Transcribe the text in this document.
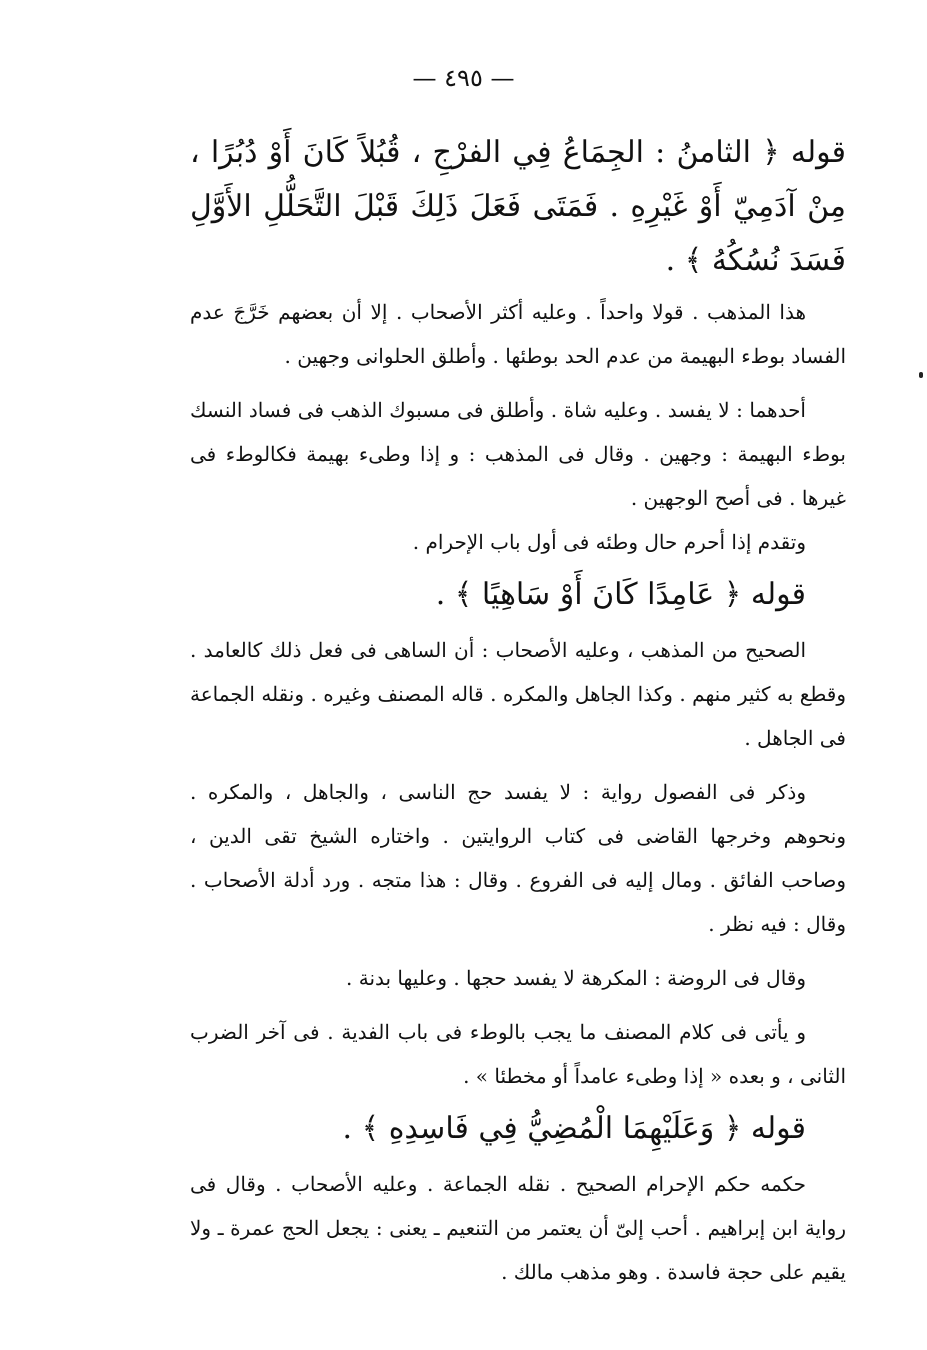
— ٤٩٥ —

قوله ﴿ الثامنُ : الجِمَاعُ فِي الفرْجِ ، قُبُلاً كَانَ أَوْ دُبُرًا ، مِنْ آدَمِيّ أَوْ غَيْرِهِ . فَمَتَى فَعَلَ ذَلِكَ قَبْلَ التَّحَلُّلِ الأَوَّلِ فَسَدَ نُسُكُهُ ﴾ .

هذا المذهب . قولا واحداً . وعليه أكثر الأصحاب . إلا أن بعضهم خَرَّجَ عدم الفساد بوطء البهيمة من عدم الحد بوطئها . وأطلق الحلوانى وجهين .

أحدهما : لا يفسد . وعليه شاة . وأطلق فى مسبوك الذهب فى فساد النسك بوطء البهيمة : وجهين . وقال فى المذهب : و إذا وطىء بهيمة فكالوطء فى غيرها . فى أصح الوجهين .

وتقدم إذا أحرم حال وطئه فى أول باب الإحرام .

قوله ﴿ عَامِدًا كَانَ أَوْ سَاهِيًا ﴾ .

الصحيح من المذهب ، وعليه الأصحاب : أن الساهى فى فعل ذلك كالعامد . وقطع به كثير منهم . وكذا الجاهل والمكره . قاله المصنف وغيره . ونقله الجماعة فى الجاهل .

وذكر فى الفصول رواية : لا يفسد حج الناسى ، والجاهل ، والمكره . ونحوهم وخرجها القاضى فى كتاب الروايتين . واختاره الشيخ تقى الدين ، وصاحب الفائق . ومال إليه فى الفروع . وقال : هذا متجه . ورد أدلة الأصحاب . وقال : فيه نظر .

وقال فى الروضة : المكرهة لا يفسد حجها . وعليها بدنة .

و يأتى فى كلام المصنف ما يجب بالوطء فى باب الفدية . فى آخر الضرب الثانى ، و بعده « إذا وطىء عامداً أو مخطئا » .

قوله ﴿ وَعَلَيْهِمَا الْمُضِيُّ فِي فَاسِدِهِ ﴾ .

حكمه حكم الإحرام الصحيح . نقله الجماعة . وعليه الأصحاب . وقال فى رواية ابن إبراهيم . أحب إلىّ أن يعتمر من التنعيم ـ يعنى : يجعل الحج عمرة ـ ولا يقيم على حجة فاسدة . وهو مذهب مالك .
